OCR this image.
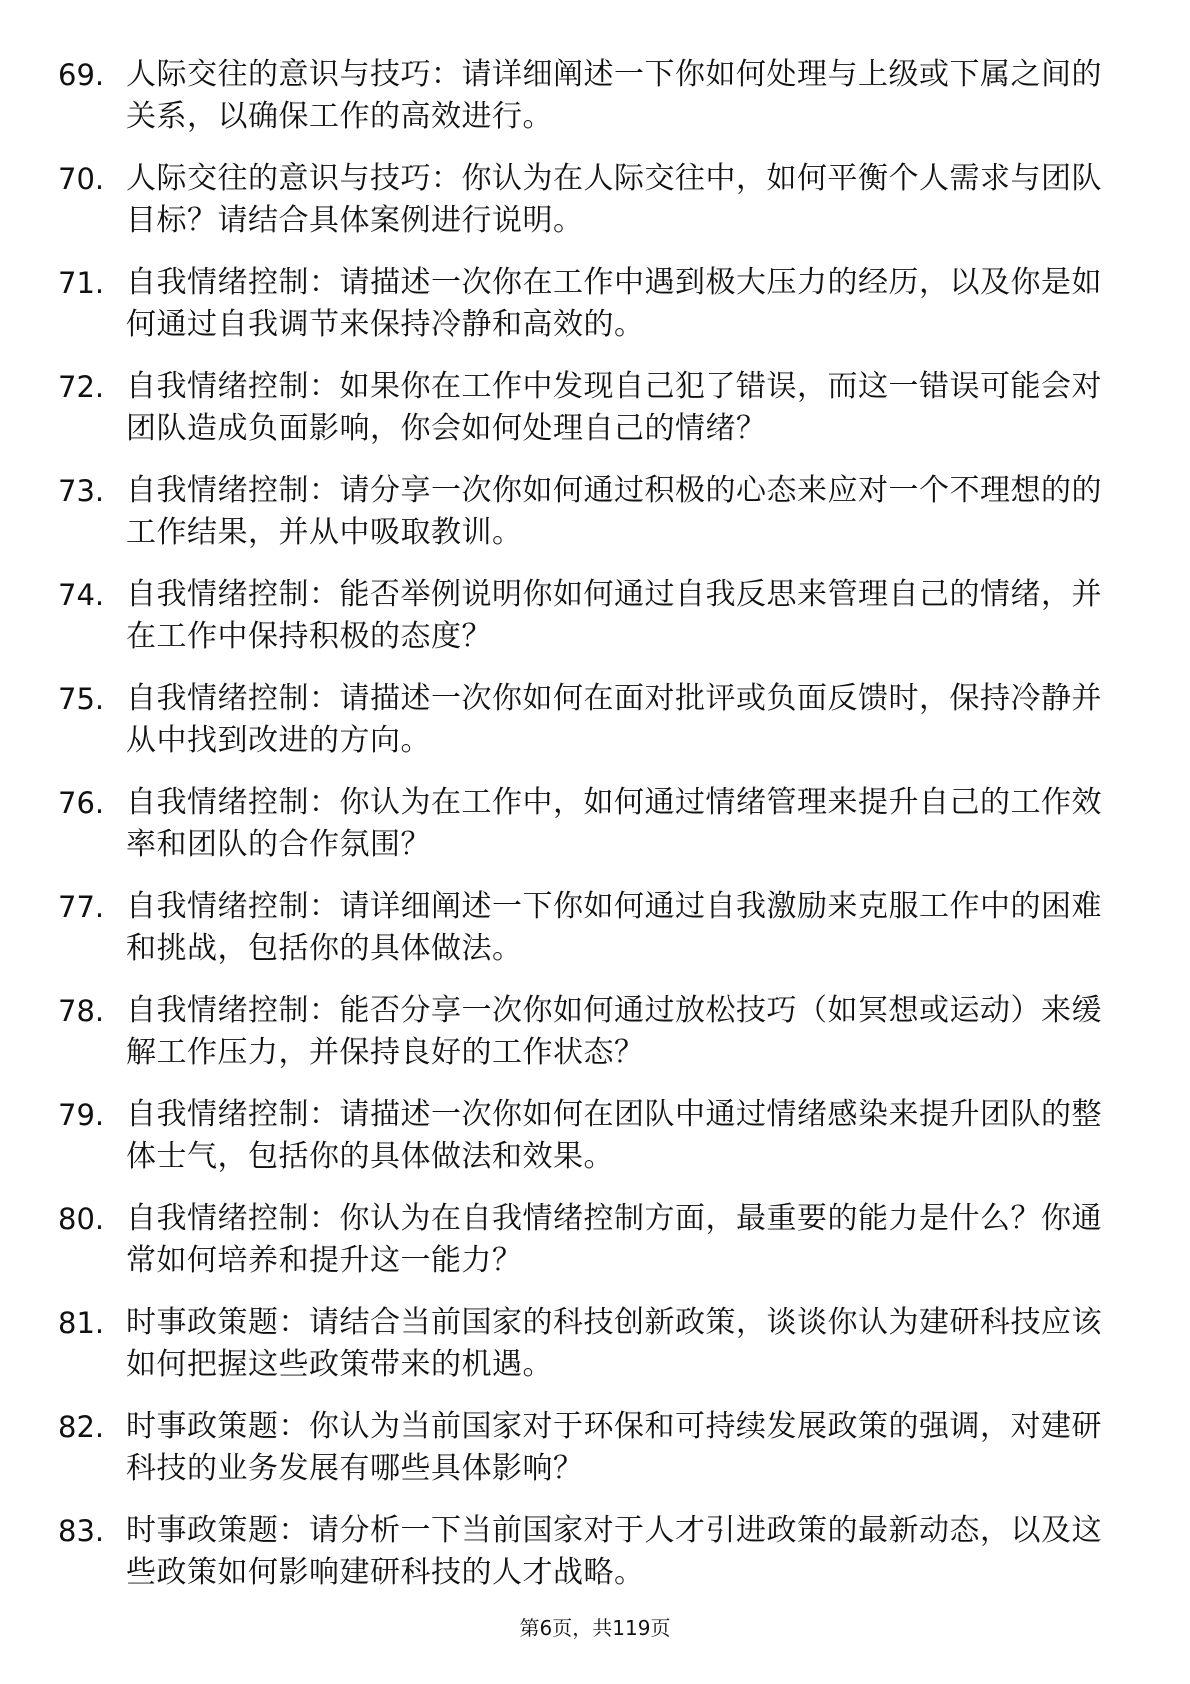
69. 人际交往的意识与技巧：请详细阐述一下你如何处理与上级或下属之间的关系，以确保工作的高效进行。
70. 人际交往的意识与技巧：你认为在人际交往中，如何平衡个人需求与团队目标？请结合具体案例进行说明。
71. 自我情绪控制：请描述一次你在工作中遇到极大压力的经历，以及你是如何通过自我调节来保持冷静和高效的。
72. 自我情绪控制：如果你在工作中发现自己犯了错误，而这一错误可能会对团队造成负面影响，你会如何处理自己的情绪？
73. 自我情绪控制：请分享一次你如何通过积极的心态来应对一个不理想的的工作结果，并从中吸取教训。
74. 自我情绪控制：能否举例说明你如何通过自我反思来管理自己的情绪，并在工作中保持积极的态度？
75. 自我情绪控制：请描述一次你如何在面对批评或负面反馈时，保持冷静并从中找到改进的方向。
76. 自我情绪控制：你认为在工作中，如何通过情绪管理来提升自己的工作效率和团队的合作氛围？
77. 自我情绪控制：请详细阐述一下你如何通过自我激励来克服工作中的困难和挑战，包括你的具体做法。
78. 自我情绪控制：能否分享一次你如何通过放松技巧（如冥想或运动）来缓解工作压力，并保持良好的工作状态？
79. 自我情绪控制：请描述一次你如何在团队中通过情绪感染来提升团队的整体士气，包括你的具体做法和效果。
80. 自我情绪控制：你认为在自我情绪控制方面，最重要的能力是什么？你通常如何培养和提升这一能力？
81. 时事政策题：请结合当前国家的科技创新政策，谈谈你认为建研科技应该如何把握这些政策带来的机遇。
82. 时事政策题：你认为当前国家对于环保和可持续发展政策的强调，对建研科技的业务发展有哪些具体影响？
83. 时事政策题：请分析一下当前国家对于人才引进政策的最新动态，以及这些政策如何影响建研科技的人才战略。
第6页，共119页
